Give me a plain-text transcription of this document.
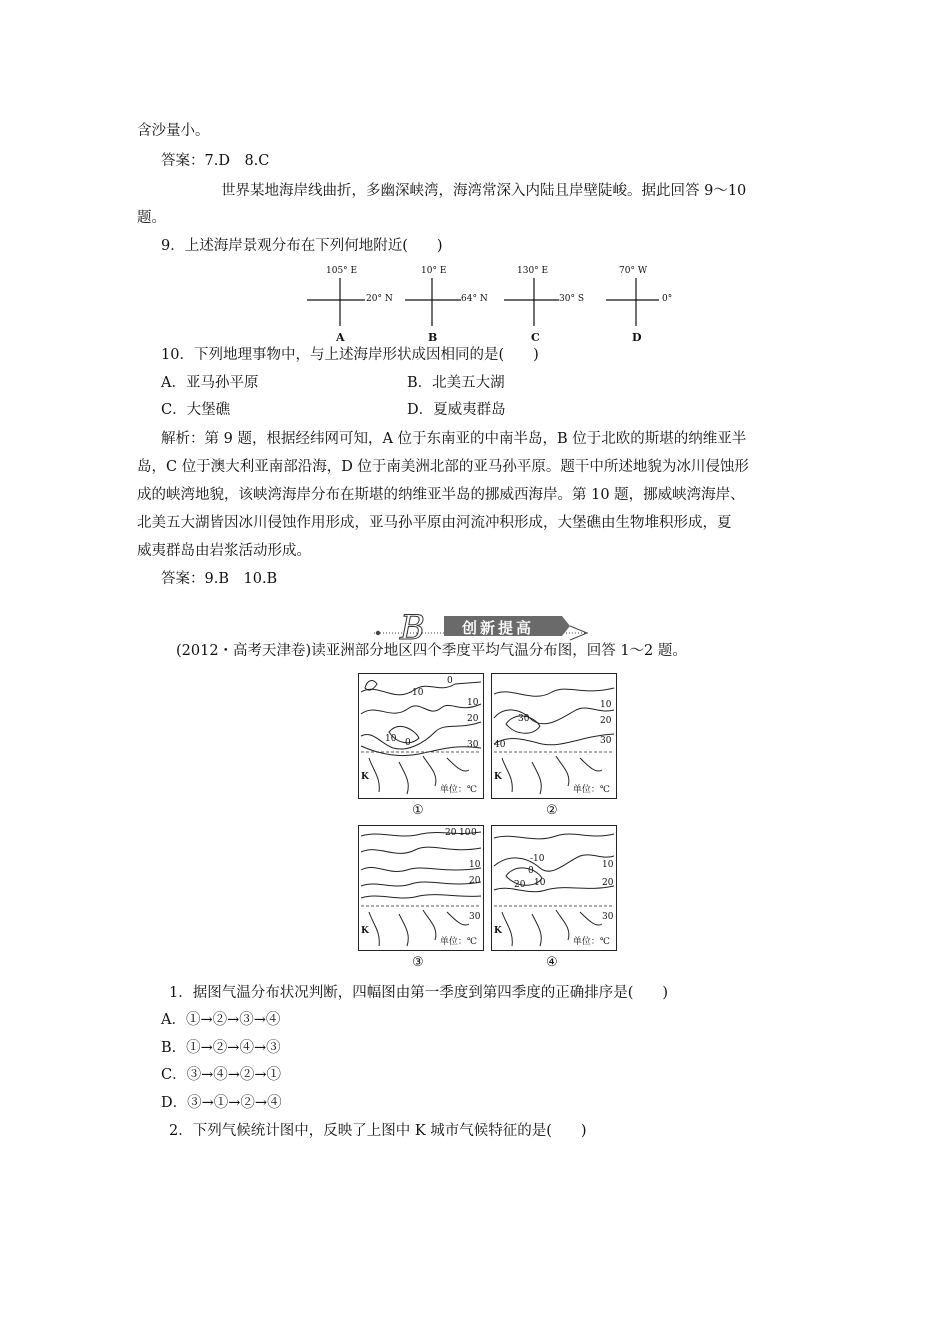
含沙量小。
答案：7.D　8.C
世界某地海岸线曲折，多幽深峡湾，海湾常深入内陆且岸壁陡峻。据此回答 9～10
题。
9．上述海岸景观分布在下列何地附近(　　)
105° E
20° N
A
10° E
64° N
B
130° E
30° S
C
70° W
0°
D
10．下列地理事物中，与上述海岸形状成因相同的是(　　)
A．亚马孙平原	B．北美五大湖
C．大堡礁	D．夏威夷群岛
解析：第 9 题，根据经纬网可知，A 位于东南亚的中南半岛，B 位于北欧的斯堪的纳维亚半
岛，C 位于澳大利亚南部沿海，D 位于南美洲北部的亚马孙平原。题干中所述地貌为冰川侵蚀形
成的峡湾地貌，该峡湾海岸分布在斯堪的纳维亚半岛的挪威西海岸。第 10 题，挪威峡湾海岸、
北美五大湖皆因冰川侵蚀作用形成，亚马孙平原由河流冲积形成，大堡礁由生物堆积形成，夏
威夷群岛由岩浆活动形成。
答案：9.B　10.B
B 创新提高
(2012・高考天津卷)读亚洲部分地区四个季度平均气温分布图，回答 1～2 题。
-10
0
10
20
10 0	30
K
单位：℃
10
20
30
40	30
K
单位：℃
20 10 0
10
20
30
K
单位：℃
-10
0
10
20
10
20
30
K
单位：℃
①	②
③	④
1．据图气温分布状况判断，四幅图由第一季度到第四季度的正确排序是(　　)
A．①→②→③→④
B．①→②→④→③
C．③→④→②→①
D．③→①→②→④
2．下列气候统计图中，反映了上图中 K 城市气候特征的是(　　)
